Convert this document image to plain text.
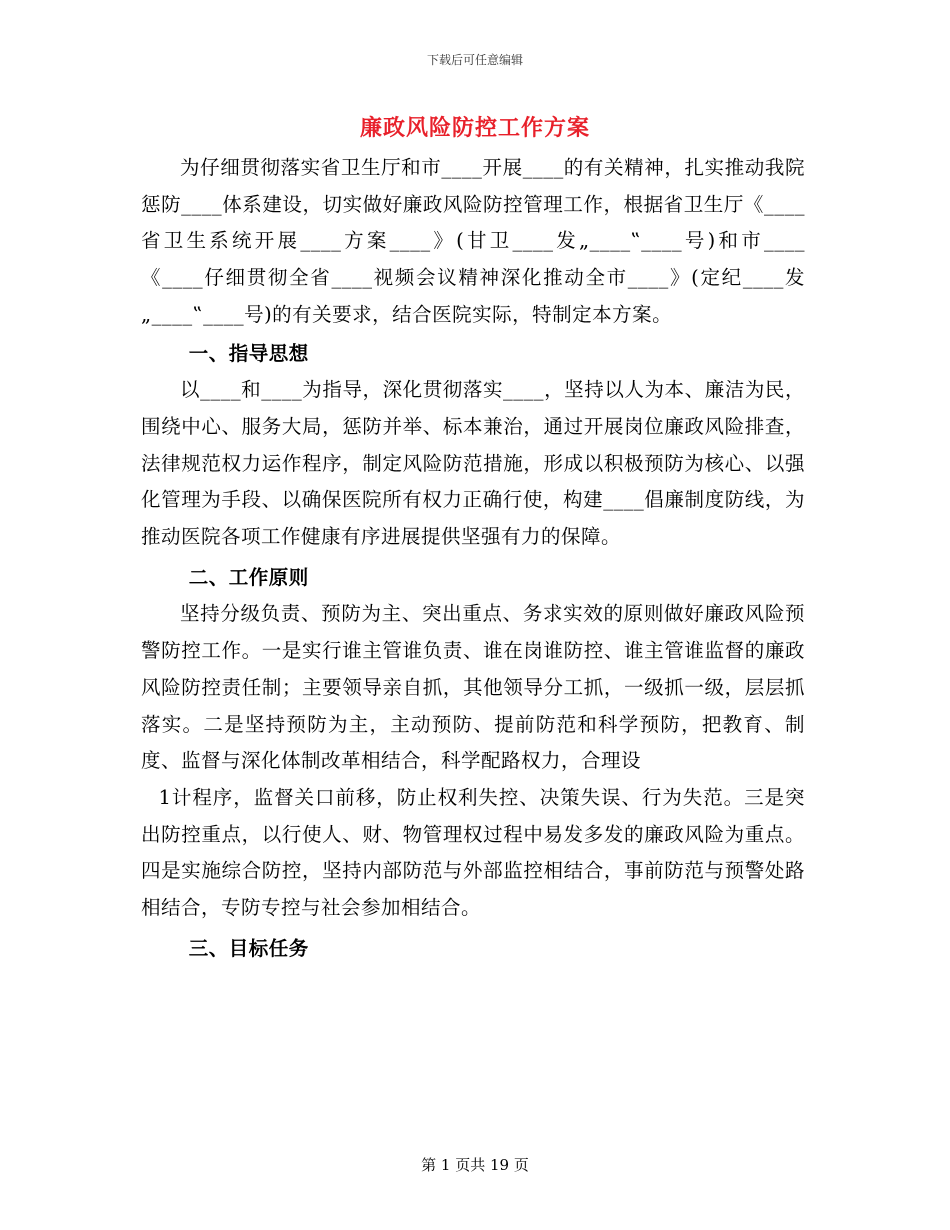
下载后可任意编辑
廉政风险防控工作方案

为仔细贯彻落实省卫生厅和市____开展____的有关精神，扎实推动我院惩防____体系建设，切实做好廉政风险防控管理工作，根据省卫生厅《____省卫生系统开展____方案____》(甘卫____发„____‟____号)和市____《____仔细贯彻全省____视频会议精神深化推动全市____》(定纪____发„____‟____号)的有关要求，结合医院实际，特制定本方案。

一、指导思想

以____和____为指导，深化贯彻落实____，坚持以人为本、廉洁为民，围绕中心、服务大局，惩防并举、标本兼治，通过开展岗位廉政风险排查，法律规范权力运作程序，制定风险防范措施，形成以积极预防为核心、以强化管理为手段、以确保医院所有权力正确行使，构建____倡廉制度防线，为推动医院各项工作健康有序进展提供坚强有力的保障。

二、工作原则

坚持分级负责、预防为主、突出重点、务求实效的原则做好廉政风险预警防控工作。一是实行谁主管谁负责、谁在岗谁防控、谁主管谁监督的廉政风险防控责任制；主要领导亲自抓，其他领导分工抓，一级抓一级，层层抓落实。二是坚持预防为主，主动预防、提前防范和科学预防，把教育、制度、监督与深化体制改革相结合，科学配路权力，合理设

1计程序，监督关口前移，防止权利失控、决策失误、行为失范。三是突出防控重点，以行使人、财、物管理权过程中易发多发的廉政风险为重点。四是实施综合防控，坚持内部防范与外部监控相结合，事前防范与预警处路相结合，专防专控与社会参加相结合。

三、目标任务

第 1 页共 19 页
